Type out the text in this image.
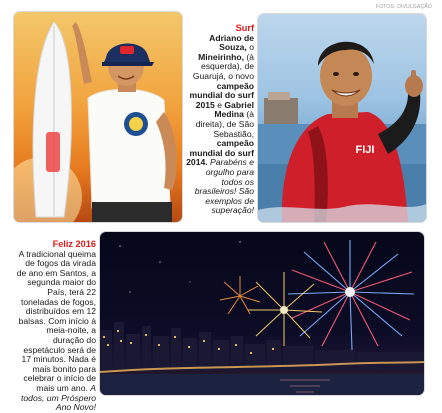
FOTOS: DIVULGAÇÃO

Surf
Adriano de Souza, o Mineirinho, (à esquerda), de Guarujá, o novo campeão mundial do surf 2015 e Gabriel Medina (à direita), de São Sebastião, campeão mundial do surf 2014. Parabéns e orgulho para todos os brasileiros! São exemplos de superação!

FIJI

Feliz 2016
A tradicional queima de fogos da virada de ano em Santos, a segunda maior do País, terá 22 toneladas de fogos, distribuídos em 12 balsas. Com início à meia-noite, a duração do espetáculo será de 17 minutos. Nada é mais bonito para celebrar o início de mais um ano. A todos, um Próspero Ano Novo!
